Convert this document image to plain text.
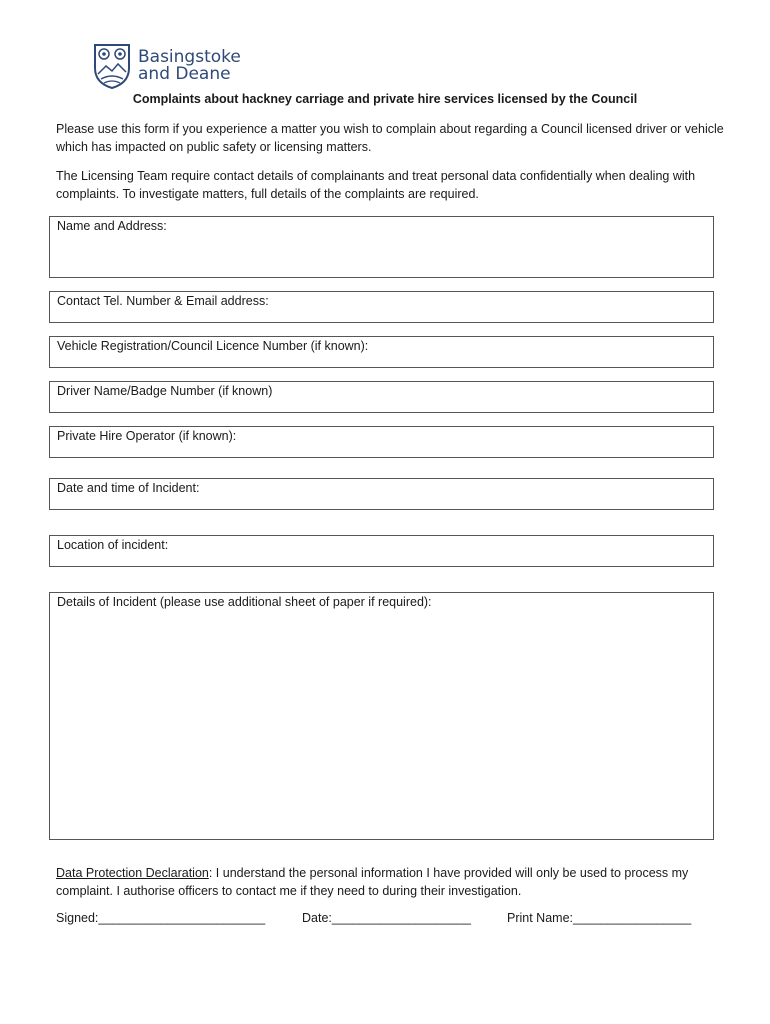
Basingstoke
and Deane
Complaints about hackney carriage and private hire services licensed by the Council
Please use this form if you experience a matter you wish to complain about regarding a Council licensed driver or vehicle which has impacted on public safety or licensing matters.
The Licensing Team require contact details of complainants and treat personal data confidentially when dealing with complaints. To investigate matters, full details of the complaints are required.
Name and Address:
Contact Tel. Number & Email address:
Vehicle Registration/Council Licence Number (if known):
Driver Name/Badge Number (if known)
Private Hire Operator (if known):
Date and time of Incident:
Location of incident:
Details of Incident (please use additional sheet of paper if required):
Data Protection Declaration: I understand the personal information I have provided will only be used to process my complaint. I authorise officers to contact me if they need to during their investigation.
Signed:________________________	Date:____________________	Print Name:_________________
